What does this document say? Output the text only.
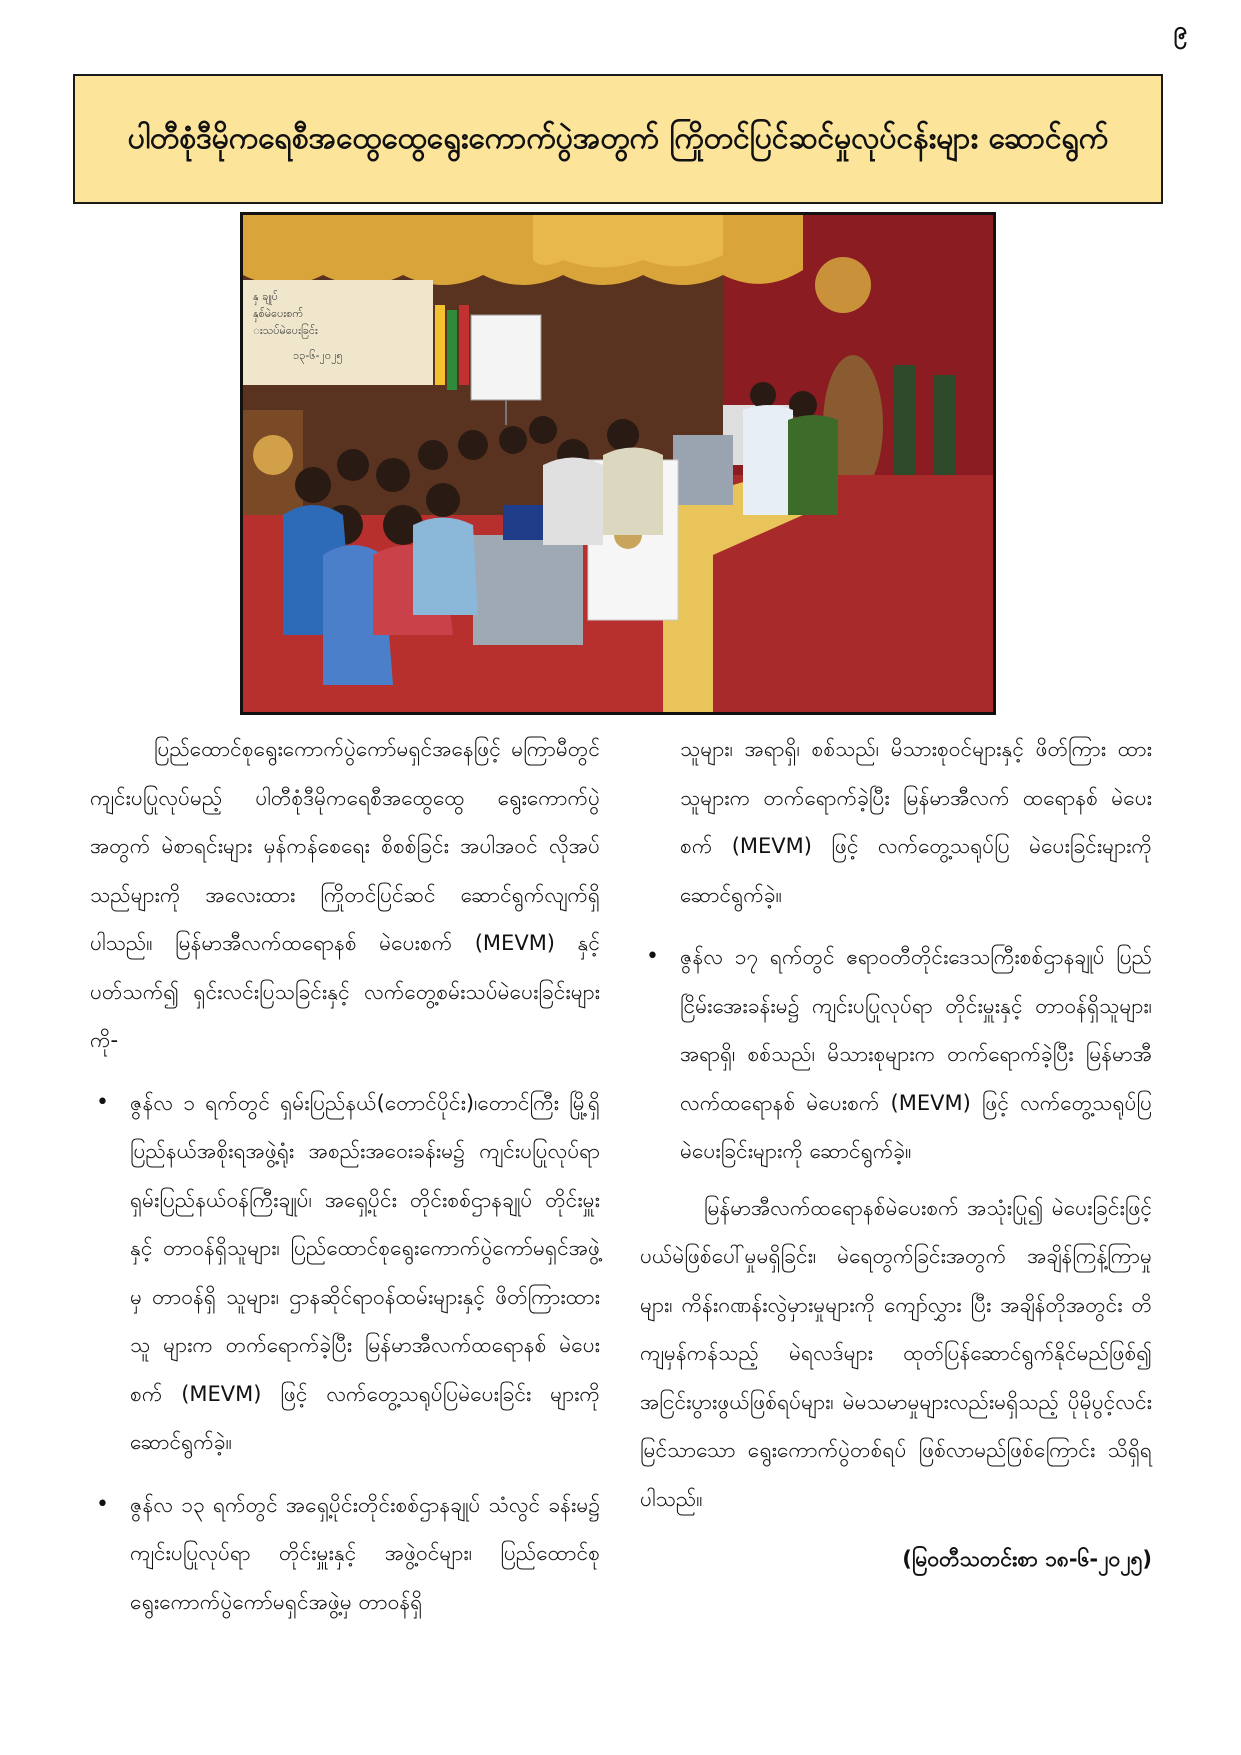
၉
ပါတီစုံဒီမိုကရေစီအထွေထွေရွေးကောက်ပွဲအတွက် ကြိုတင်ပြင်ဆင်မှုလုပ်ငန်းများ ဆောင်ရွက်
နှ ချုပ်
နှစ်မဲပေးစက်
းသပ်မဲပေးခြင်း
၁၃-၆-၂၀၂၅

ပြည်ထောင်စုရွေးကောက်ပွဲကော်မရှင်အနေဖြင့် မကြာမီတွင် ကျင်းပပြုလုပ်မည့် ပါတီစုံဒီမိုကရေစီအထွေထွေ ရွေးကောက်ပွဲအတွက် မဲစာရင်းများ မှန်ကန်စေရေး စိစစ်ခြင်း အပါအဝင် လိုအပ်သည်များကို အလေးထား ကြိုတင်ပြင်ဆင် ဆောင်ရွက်လျက်ရှိပါသည်။ မြန်မာအီလက်ထရောနစ် မဲပေးစက် (MEVM) နှင့်ပတ်သက်၍ ရှင်းလင်းပြသခြင်းနှင့် လက်တွေ့စမ်းသပ်မဲပေးခြင်းများကို-

• ဇွန်လ ၁ ရက်တွင် ရှမ်းပြည်နယ်(တောင်ပိုင်း)၊တောင်ကြီး မြို့ရှိ ပြည်နယ်အစိုးရအဖွဲ့ရုံး အစည်းအဝေးခန်းမ၌ ကျင်းပပြုလုပ်ရာ ရှမ်းပြည်နယ်ဝန်ကြီးချုပ်၊ အရှေ့ပိုင်း တိုင်းစစ်ဌာနချုပ် တိုင်းမှူးနှင့် တာဝန်ရှိသူများ၊ ပြည်ထောင်စုရွေးကောက်ပွဲကော်မရှင်အဖွဲ့မှ တာဝန်ရှိ သူများ၊ ဌာနဆိုင်ရာဝန်ထမ်းများနှင့် ဖိတ်ကြားထားသူ များက တက်ရောက်ခဲ့ပြီး မြန်မာအီလက်ထရောနစ် မဲပေးစက် (MEVM) ဖြင့် လက်တွေ့သရုပ်ပြမဲပေးခြင်း များကို ဆောင်ရွက်ခဲ့။

• ဇွန်လ ၁၃ ရက်တွင် အရှေ့ပိုင်းတိုင်းစစ်ဌာနချုပ် သံလွင် ခန်းမ၌ ကျင်းပပြုလုပ်ရာ တိုင်းမှူးနှင့် အဖွဲ့ဝင်များ၊ ပြည်ထောင်စုရွေးကောက်ပွဲကော်မရှင်အဖွဲ့မှ တာဝန်ရှိ

သူများ၊ အရာရှိ၊ စစ်သည်၊ မိသားစုဝင်များနှင့် ဖိတ်ကြား ထားသူများက တက်ရောက်ခဲ့ပြီး မြန်မာအီလက် ထရောနစ် မဲပေးစက် (MEVM) ဖြင့် လက်တွေ့သရုပ်ပြ မဲပေးခြင်းများကို ဆောင်ရွက်ခဲ့။

• ဇွန်လ ၁၇ ရက်တွင် ဧရာဝတီတိုင်းဒေသကြီးစစ်ဌာနချုပ် ပြည်ငြိမ်းအေးခန်းမ၌ ကျင်းပပြုလုပ်ရာ တိုင်းမှူးနှင့် တာဝန်ရှိသူများ၊ အရာရှိ၊ စစ်သည်၊ မိသားစုများက တက်ရောက်ခဲ့ပြီး မြန်မာအီလက်ထရောနစ် မဲပေးစက် (MEVM) ဖြင့် လက်တွေ့သရုပ်ပြ မဲပေးခြင်းများကို ဆောင်ရွက်ခဲ့။

မြန်မာအီလက်ထရောနစ်မဲပေးစက် အသုံးပြု၍ မဲပေးခြင်းဖြင့် ပယ်မဲဖြစ်ပေါ်မှုမရှိခြင်း၊ မဲရေတွက်ခြင်းအတွက် အချိန်ကြန့်ကြာမှုများ၊ ကိန်းဂဏန်းလွဲမှားမှုများကို ကျော်လွှား ပြီး အချိန်တိုအတွင်း တိကျမှန်ကန်သည့် မဲရလဒ်များ ထုတ်ပြန်ဆောင်ရွက်နိုင်မည်ဖြစ်၍ အငြင်းပွားဖွယ်ဖြစ်ရပ်များ၊ မဲမသမာမှုများလည်းမရှိသည့် ပိုမိုပွင့်လင်းမြင်သာသော ရွေးကောက်ပွဲတစ်ရပ် ဖြစ်လာမည်ဖြစ်ကြောင်း သိရှိရပါသည်။

(မြဝတီသတင်းစာ ၁၈-၆-၂၀၂၅)
